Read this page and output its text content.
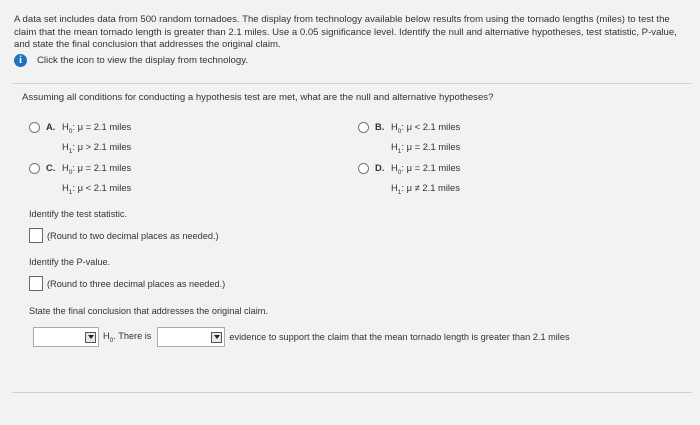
A data set includes data from 500 random tornadoes. The display from technology available below results from using the tornado lengths (miles) to test the claim that the mean tornado length is greater than 2.1 miles. Use a 0.05 significance level. Identify the null and alternative hypotheses, test statistic, P-value, and state the final conclusion that addresses the original claim.
i	Click the icon to view the display from technology.
Assuming all conditions for conducting a hypothesis test are met, what are the null and alternative hypotheses?
A. $H_0$: μ = 2.1 miles
$H_1$: μ > 2.1 miles
B. $H_0$: μ < 2.1 miles
$H_1$: μ = 2.1 miles
C. $H_0$: μ = 2.1 miles
$H_1$: μ < 2.1 miles
D. $H_0$: μ = 2.1 miles
$H_1$: μ ≠ 2.1 miles
Identify the test statistic.
(Round to two decimal places as needed.)
Identify the P-value.
(Round to three decimal places as needed.)
State the final conclusion that addresses the original claim.
$H_0$. There is	evidence to support the claim that the mean tornado length is greater than 2.1 miles
